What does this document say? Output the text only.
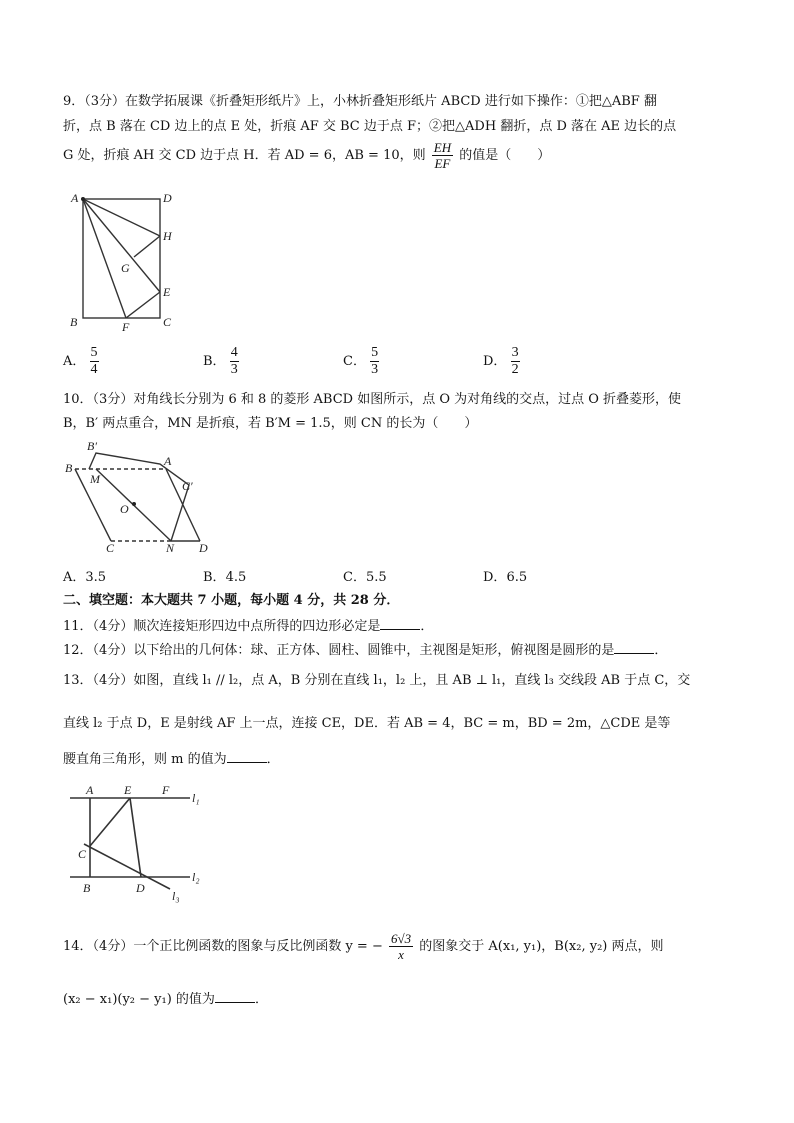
9．（3分）在数学拓展课《折叠矩形纸片》上，小林折叠矩形纸片 ABCD 进行如下操作：①把△ABF 翻
折，点 B 落在 CD 边上的点 E 处，折痕 AF 交 BC 边于点 F；②把△ADH 翻折，点 D 落在 AE 边长的点
G 处，折痕 AH 交 CD 边于点 H．若 AD = 6，AB = 10，则 $\frac{EH}{EF}$ 的值是（　　）
A	D
H
G
E
B	F	C
A． $\frac{5}{4}$	B． $\frac{4}{3}$	C． $\frac{5}{3}$	D． $\frac{3}{2}$
10．（3分）对角线长分别为 6 和 8 的菱形 ABCD 如图所示，点 O 为对角线的交点，过点 O 折叠菱形，使
B，B′ 两点重合，MN 是折痕，若 B′M = 1.5，则 CN 的长为（　　）
B′
A
B
M	C′
O
C	N D
A．3.5	B．4.5	C．5.5	D．6.5
二、填空题：本大题共 7 小题，每小题 4 分，共 28 分．
11．（4分）顺次连接矩形四边中点所得的四边形必定是	．
12．（4分）以下给出的几何体：球、正方体、圆柱、圆锥中，主视图是矩形，俯视图是圆形的是	．
13．（4分）如图，直线 l₁ // l₂，点 A，B 分别在直线 l₁，l₂ 上，且 AB ⊥ l₁，直线 l₃ 交线段 AB 于点 C，交
直线 l₂ 于点 D，E 是射线 AF 上一点，连接 CE，DE．若 AB = 4，BC = m，BD = 2m，△CDE 是等
腰直角三角形，则 m 的值为	．
A	E	F
l₁
C
B	D
l₂
l₃
14．（4分）一个正比例函数的图象与反比例函数 y = − $\frac{6√3}{x}$ 的图象交于 A(x₁, y₁)，B(x₂, y₂) 两点，则
(x₂ − x₁)(y₂ − y₁) 的值为	．
